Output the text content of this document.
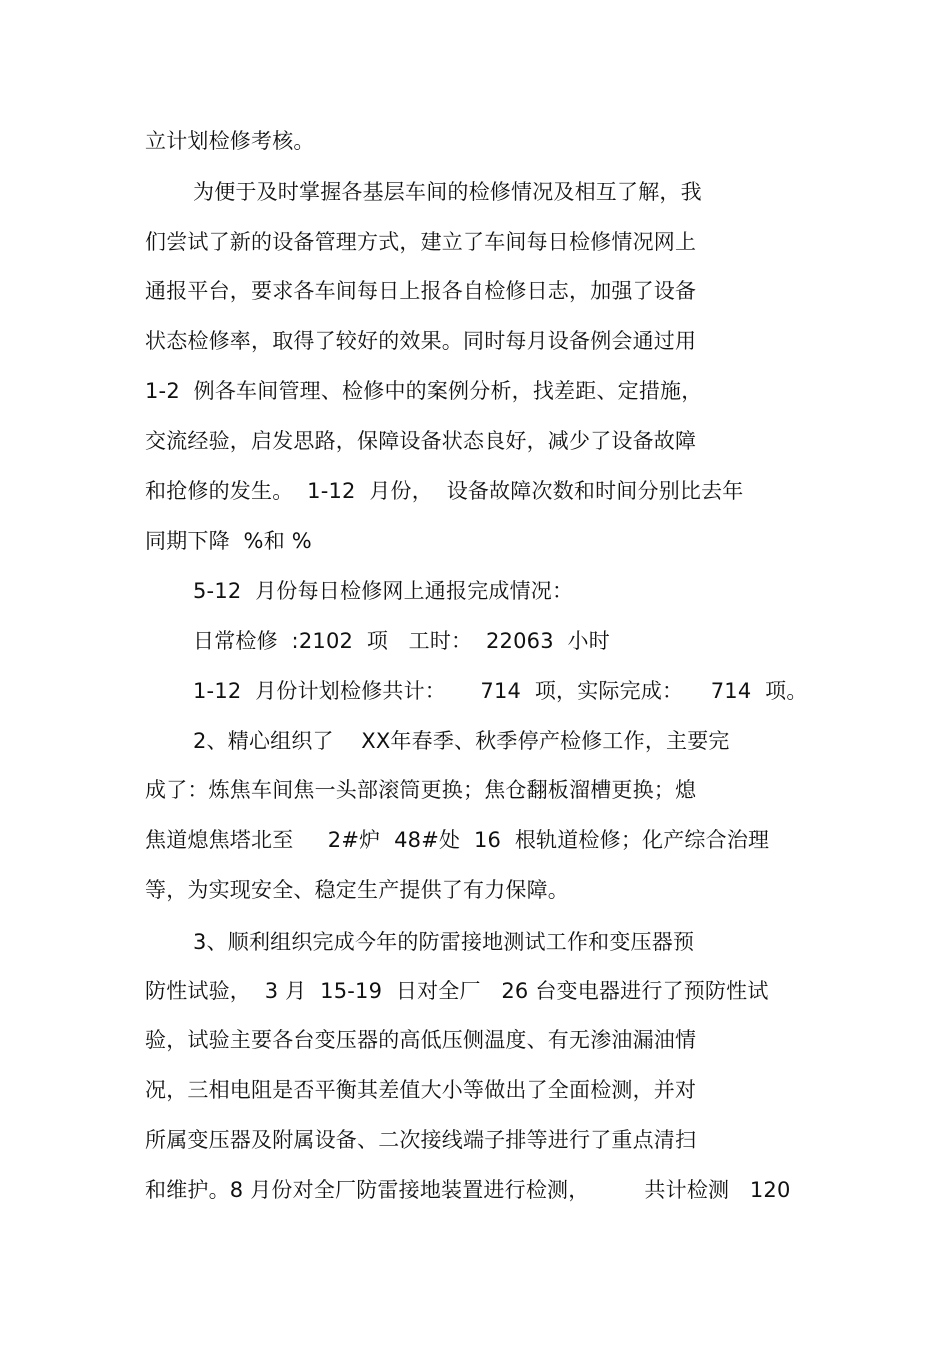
立计划检修考核。
为便于及时掌握各基层车间的检修情况及相互了解，我
们尝试了新的设备管理方式，建立了车间每日检修情况网上
通报平台，要求各车间每日上报各自检修日志，加强了设备
状态检修率，取得了较好的效果。同时每月设备例会通过用
1-2  例各车间管理、检修中的案例分析，找差距、定措施，
交流经验，启发思路，保障设备状态良好，减少了设备故障
和抢修的发生。  1-12  月份，  设备故障次数和时间分别比去年
同期下降  %和 %
5-12  月份每日检修网上通报完成情况：
日常检修  :2102  项   工时：  22063  小时
1-12  月份计划检修共计：     714  项，实际完成：    714  项。
2、精心组织了    XX年春季、秋季停产检修工作，主要完
成了：炼焦车间焦一头部滚筒更换；焦仓翻板溜槽更换；熄
焦道熄焦塔北至     2#炉  48#处  16  根轨道检修；化产综合治理
等，为实现安全、稳定生产提供了有力保障。
3、顺利组织完成今年的防雷接地测试工作和变压器预
防性试验，  3 月  15-19  日对全厂   26 台变电器进行了预防性试
验，试验主要各台变压器的高低压侧温度、有无渗油漏油情
况，三相电阻是否平衡其差值大小等做出了全面检测，并对
所属变压器及附属设备、二次接线端子排等进行了重点清扫
和维护。8 月份对全厂防雷接地装置进行检测，        共计检测   120
